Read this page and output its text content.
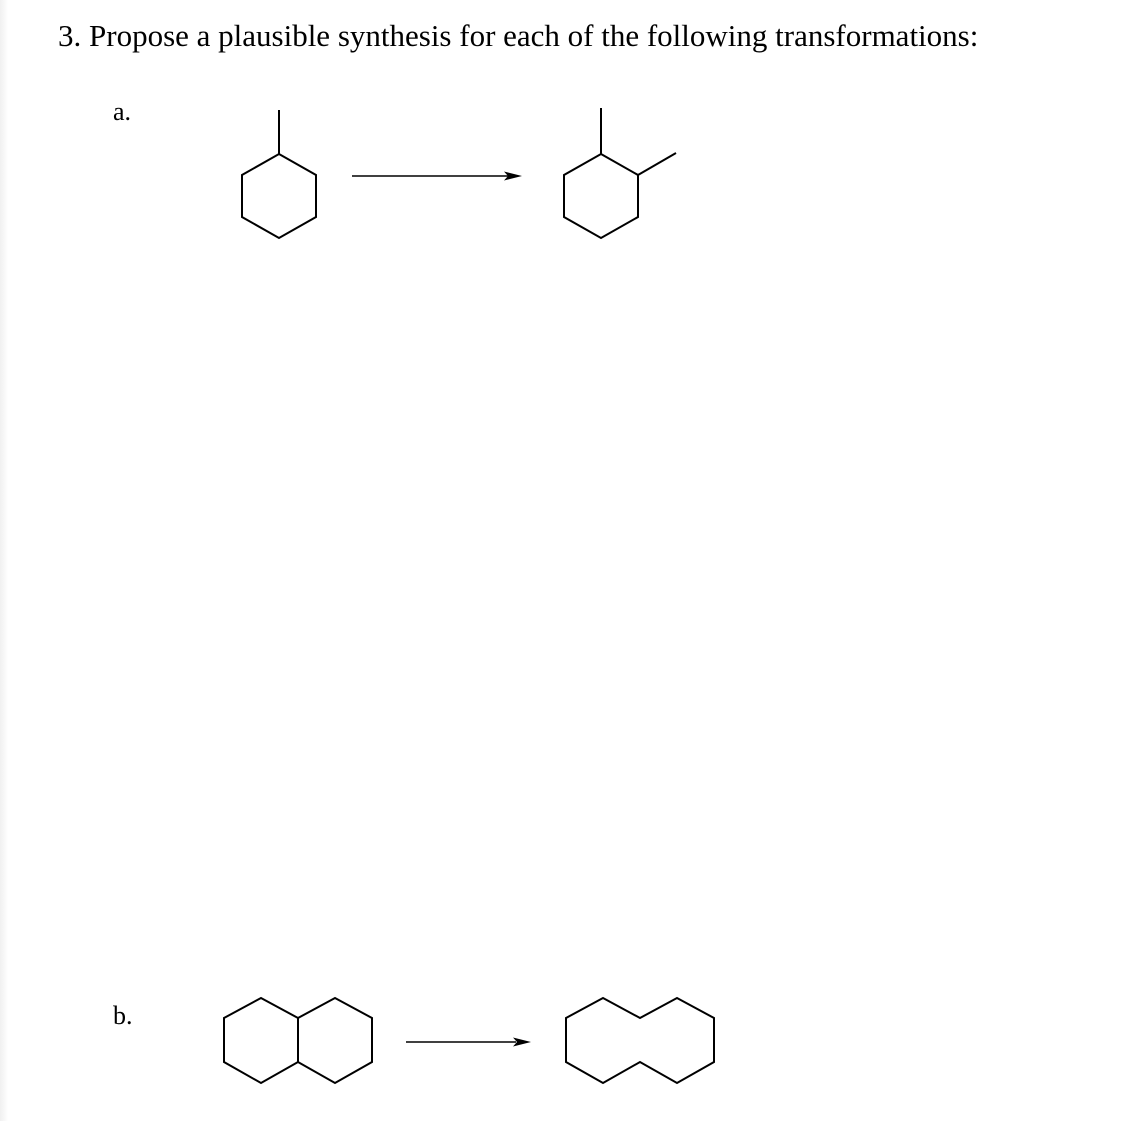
3. Propose a plausible synthesis for each of the following transformations:
a.
b.
